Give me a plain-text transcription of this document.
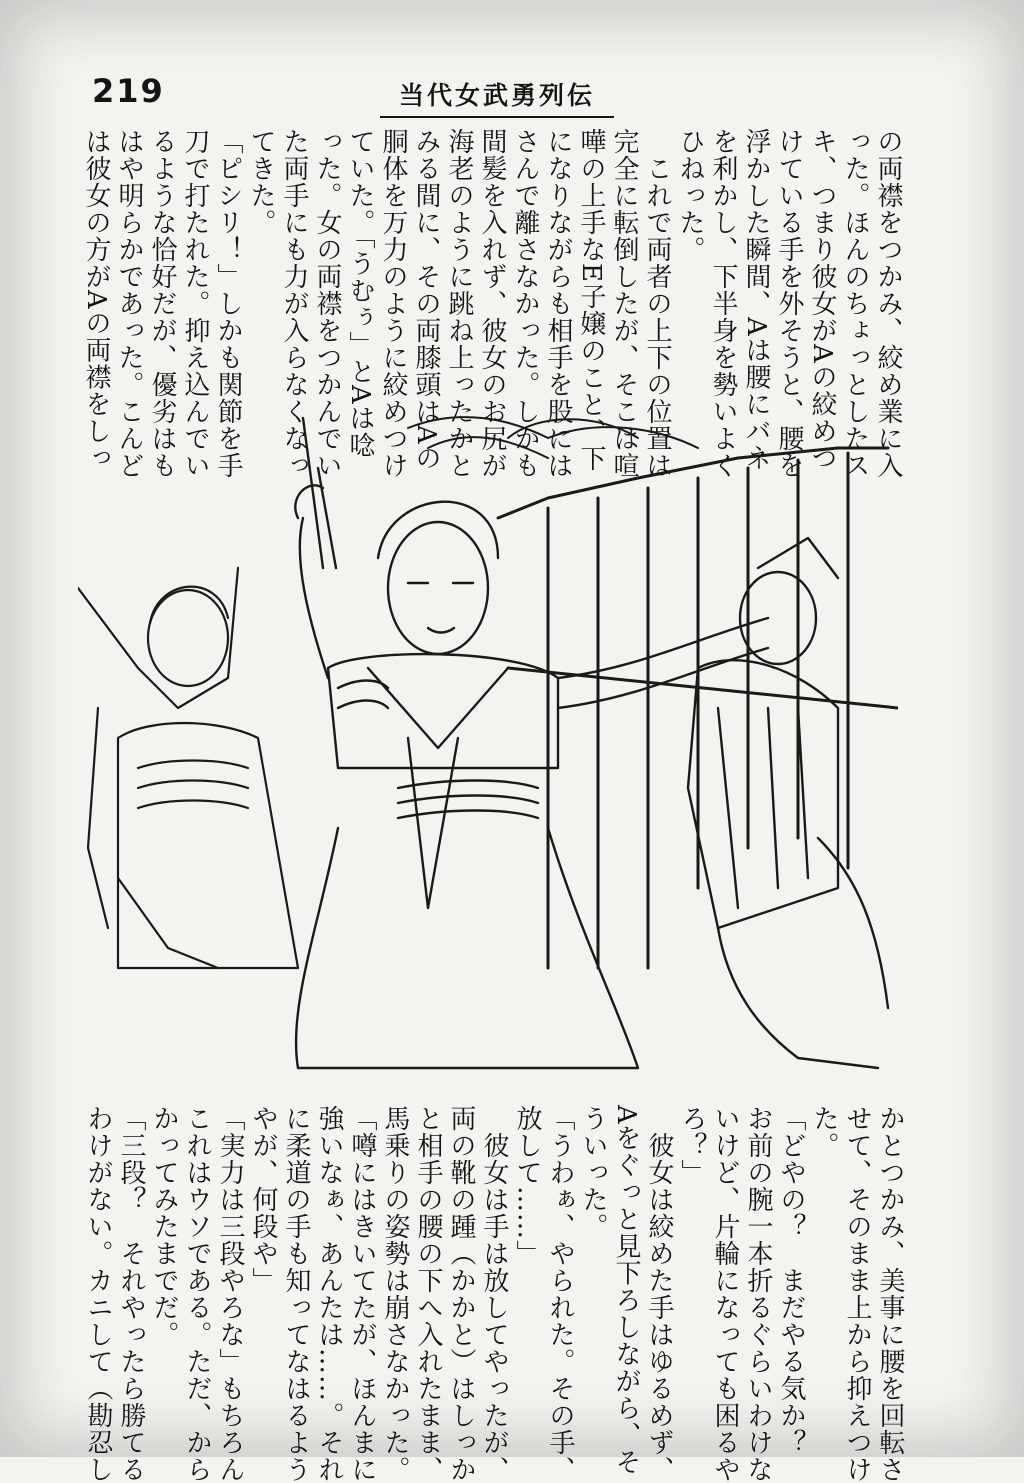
219	当代女武勇列伝
の両襟をつかみ、絞め業に入
った。ほんのちょっとしたス
キ、つまり彼女がAの絞めつ
けている手を外そうと、腰を
浮かした瞬間、Aは腰にバネ
を利かし、下半身を勢いよく
ひねった。
　これで両者の上下の位置は
完全に転倒したが、そこは喧
嘩の上手なE子嬢のこと、下
になりながらも相手を股には
さんで離さなかった。しかも
間髪を入れず、彼女のお尻が
海老のように跳ね上ったかと
みる間に、その両膝頭はAの
胴体を万力のように絞めつけ
ていた。「うむぅ」とAは唸
った。女の両襟をつかんでい
た両手にも力が入らなくなっ
てきた。
「ピシリ！」しかも関節を手
刀で打たれた。抑え込んでい
るような恰好だが、優劣はも
はや明らかであった。こんど
は彼女の方がAの両襟をしっ
かとつかみ、美事に腰を回転さ
せて、そのまま上から抑えつけ
た。
「どやの？　まだやる気か？
お前の腕一本折るぐらいわけな
いけど、片輪になっても困るや
ろ？」
　彼女は絞めた手はゆるめず、
Aをぐっと見下ろしながら、そ
ういった。
「うわぁ、やられた。その手、
放して……」
　彼女は手は放してやったが、
両の靴の踵（かかと）はしっか
と相手の腰の下へ入れたまま、
馬乗りの姿勢は崩さなかった。
「噂にはきいてたが、ほんまに
強いなぁ、あんたは……。それ
に柔道の手も知ってなはるよう
やが、何段や」
「実力は三段やろな」もちろん
これはウソである。ただ、から
かってみたまでだ。
「三段？　それやったら勝てる
わけがない。カニして（勘忍し
